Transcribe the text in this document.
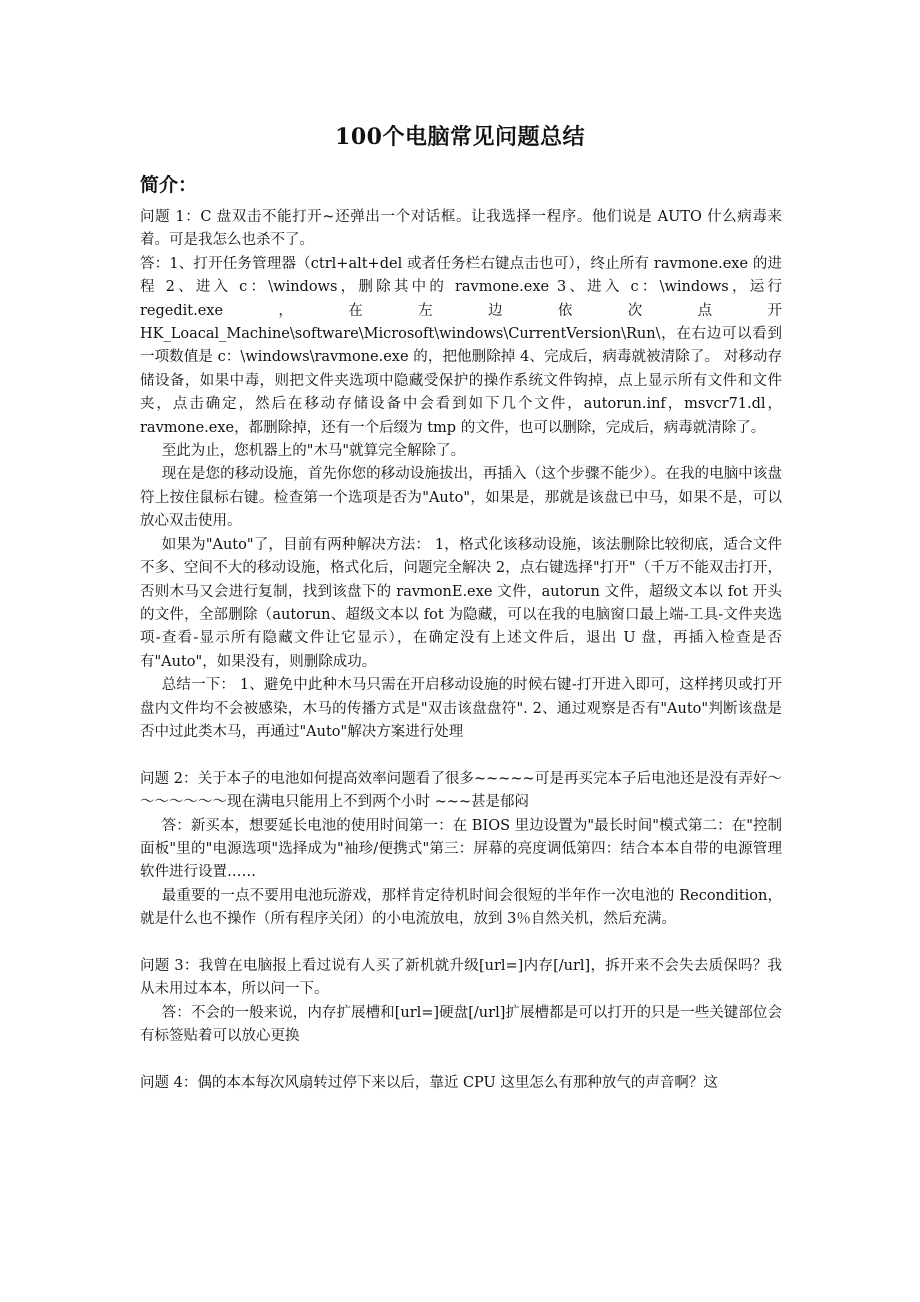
100个电脑常见问题总结
简介：

问题 1：C 盘双击不能打开~还弹出一个对话框。让我选择一程序。他们说是 AUTO 什么病毒来着。可是我怎么也杀不了。

答：1、打开任务管理器（ctrl+alt+del 或者任务栏右键点击也可），终止所有 ravmone.exe 的进程 2、进入 c：\windows，删除其中的 ravmone.exe 3、进入 c：\windows，运行 regedit.exe，在左边依次点开 HK_Loacal_Machine\software\Microsoft\windows\CurrentVersion\Run\，在右边可以看到一项数值是 c：\windows\ravmone.exe 的，把他删除掉 4、完成后，病毒就被清除了。 对移动存储设备，如果中毒，则把文件夹选项中隐藏受保护的操作系统文件钩掉，点上显示所有文件和文件夹，点击确定，然后在移动存储设备中会看到如下几个文件，autorun.inf，msvcr71.dl，ravmone.exe，都删除掉，还有一个后缀为 tmp 的文件，也可以删除，完成后，病毒就清除了。

至此为止，您机器上的"木马"就算完全解除了。

现在是您的移动设施，首先你您的移动设施拔出，再插入（这个步骤不能少）。在我的电脑中该盘符上按住鼠标右键。检查第一个选项是否为"Auto"，如果是，那就是该盘已中马，如果不是，可以放心双击使用。

如果为"Auto"了，目前有两种解决方法： 1，格式化该移动设施，该法删除比较彻底，适合文件不多、空间不大的移动设施，格式化后，问题完全解决 2，点右键选择"打开"（千万不能双击打开，否则木马又会进行复制，找到该盘下的 ravmonE.exe 文件，autorun 文件，超级文本以 fot 开头的文件，全部删除（autorun、超级文本以 fot 为隐藏，可以在我的电脑窗口最上端-工具-文件夹选项-查看-显示所有隐藏文件让它显示），在确定没有上述文件后，退出 U 盘，再插入检查是否有"Auto"，如果没有，则删除成功。

总结一下： 1、避免中此种木马只需在开启移动设施的时候右键-打开进入即可，这样拷贝或打开盘内文件均不会被感染，木马的传播方式是"双击该盘盘符". 2、通过观察是否有"Auto"判断该盘是否中过此类木马，再通过"Auto"解决方案进行处理

问题 2：关于本子的电池如何提高效率问题看了很多~~~~~可是再买完本子后电池还是没有弄好～～～～～～～现在满电只能用上不到两个小时 ~~~甚是郁闷

答：新买本，想要延长电池的使用时间第一：在 BIOS 里边设置为"最长时间"模式第二：在"控制面板"里的"电源选项"选择成为"袖珍/便携式"第三：屏幕的亮度调低第四：结合本本自带的电源管理软件进行设置……

最重要的一点不要用电池玩游戏，那样肯定待机时间会很短的半年作一次电池的 Recondition，就是什么也不操作（所有程序关闭）的小电流放电，放到 3％自然关机，然后充满。

问题 3：我曾在电脑报上看过说有人买了新机就升级[url=]内存[/url]，拆开来不会失去质保吗？我从未用过本本，所以问一下。

答：不会的一般来说，内存扩展槽和[url=]硬盘[/url]扩展槽都是可以打开的只是一些关键部位会有标签贴着可以放心更换

问题 4：偶的本本每次风扇转过停下来以后，靠近 CPU 这里怎么有那种放气的声音啊？这
